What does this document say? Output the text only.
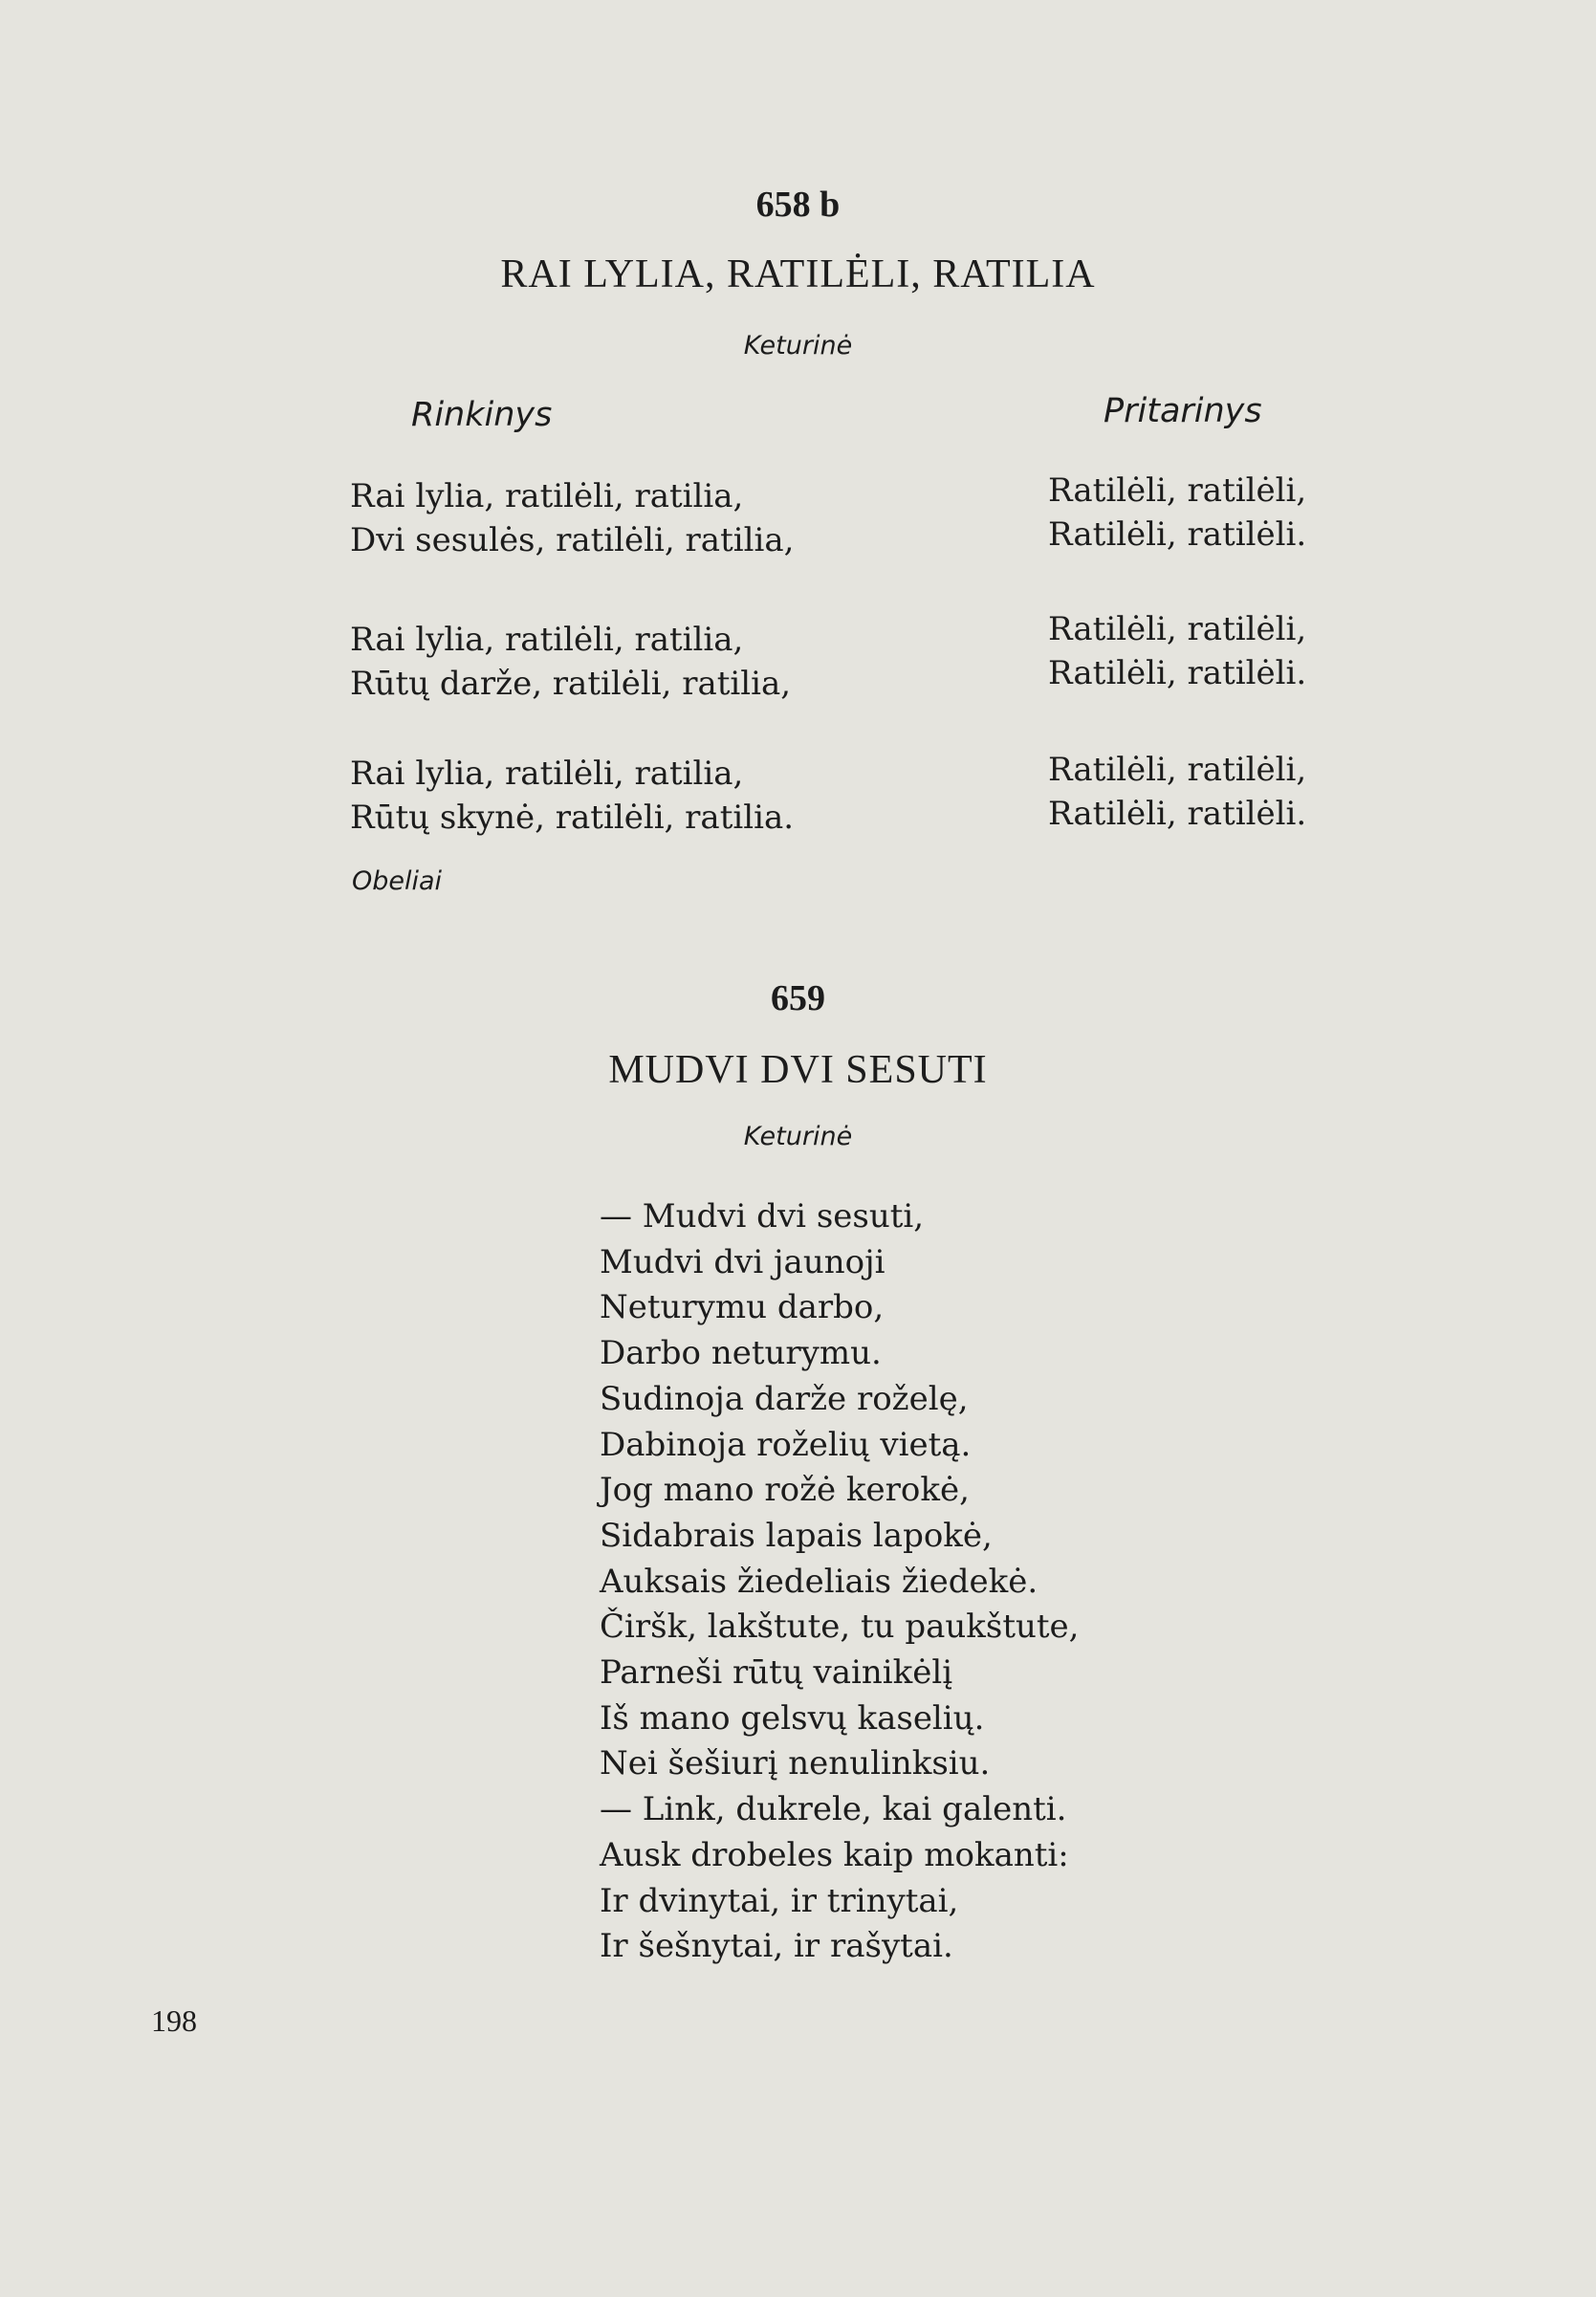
658 b
RAI LYLIA, RATILĖLI, RATILIA
Keturinė
Rinkinys	Pritarinys
Rai lylia, ratilėli, ratilia,
Dvi sesulės, ratilėli, ratilia,
Ratilėli, ratilėli,
Ratilėli, ratilėli.
Rai lylia, ratilėli, ratilia,
Rūtų darže, ratilėli, ratilia,
Ratilėli, ratilėli,
Ratilėli, ratilėli.
Rai lylia, ratilėli, ratilia,
Rūtų skynė, ratilėli, ratilia.
Ratilėli, ratilėli,
Ratilėli, ratilėli.
Obeliai
659
MUDVI DVI SESUTI
Keturinė
— Mudvi dvi sesuti,
Mudvi dvi jaunoji
Neturymu darbo,
Darbo neturymu.
Sudinoja darže roželę,
Dabinoja roželių vietą.
Jog mano rožė kerokė,
Sidabrais lapais lapokė,
Auksais žiedeliais žiedekė.
Čiršk, lakštute, tu paukštute,
Parneši rūtų vainikėlį
Iš mano gelsvų kaselių.
Nei šešiurį nenulinksiu.
— Link, dukrele, kai galenti.
Ausk drobeles kaip mokanti:
Ir dvinytai, ir trinytai,
Ir šešnytai, ir rašytai.
198
